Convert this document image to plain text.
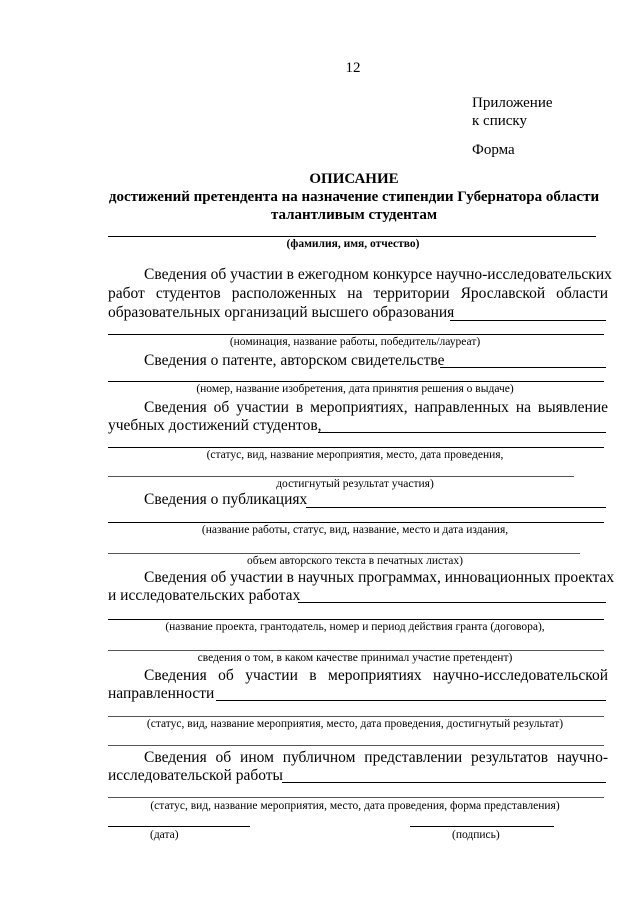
12
Приложение
к списку
Форма
ОПИСАНИЕ
достижений претендента на назначение стипендии Губернатора области
талантливым студентам
(фамилия, имя, отчество)
Сведения об участии в ежегодном конкурсе научно-исследовательских
работ студентов расположенных на территории Ярославской области
образовательных организаций высшего образования
(номинация, название работы, победитель/лауреат)
Сведения о патенте, авторском свидетельстве
(номер, название изобретения, дата принятия решения о выдаче)
Сведения об участии в мероприятиях, направленных на выявление
учебных достижений студентов,
(статус, вид, название мероприятия, место, дата проведения,
достигнутый результат участия)
Сведения о публикациях
(название работы, статус, вид, название, место и дата издания,
объем авторского текста в печатных листах)
Сведения об участии в научных программах, инновационных проектах
и исследовательских работах
(название проекта, грантодатель, номер и период действия гранта (договора),
сведения о том, в каком качестве принимал участие претендент)
Сведения об участии в мероприятиях научно-исследовательской
направленности
(статус, вид, название мероприятия, место, дата проведения, достигнутый результат)
Сведения об ином публичном представлении результатов научно-
исследовательской работы
(статус, вид, название мероприятия, место, дата проведения, форма представления)
(дата)	(подпись)
